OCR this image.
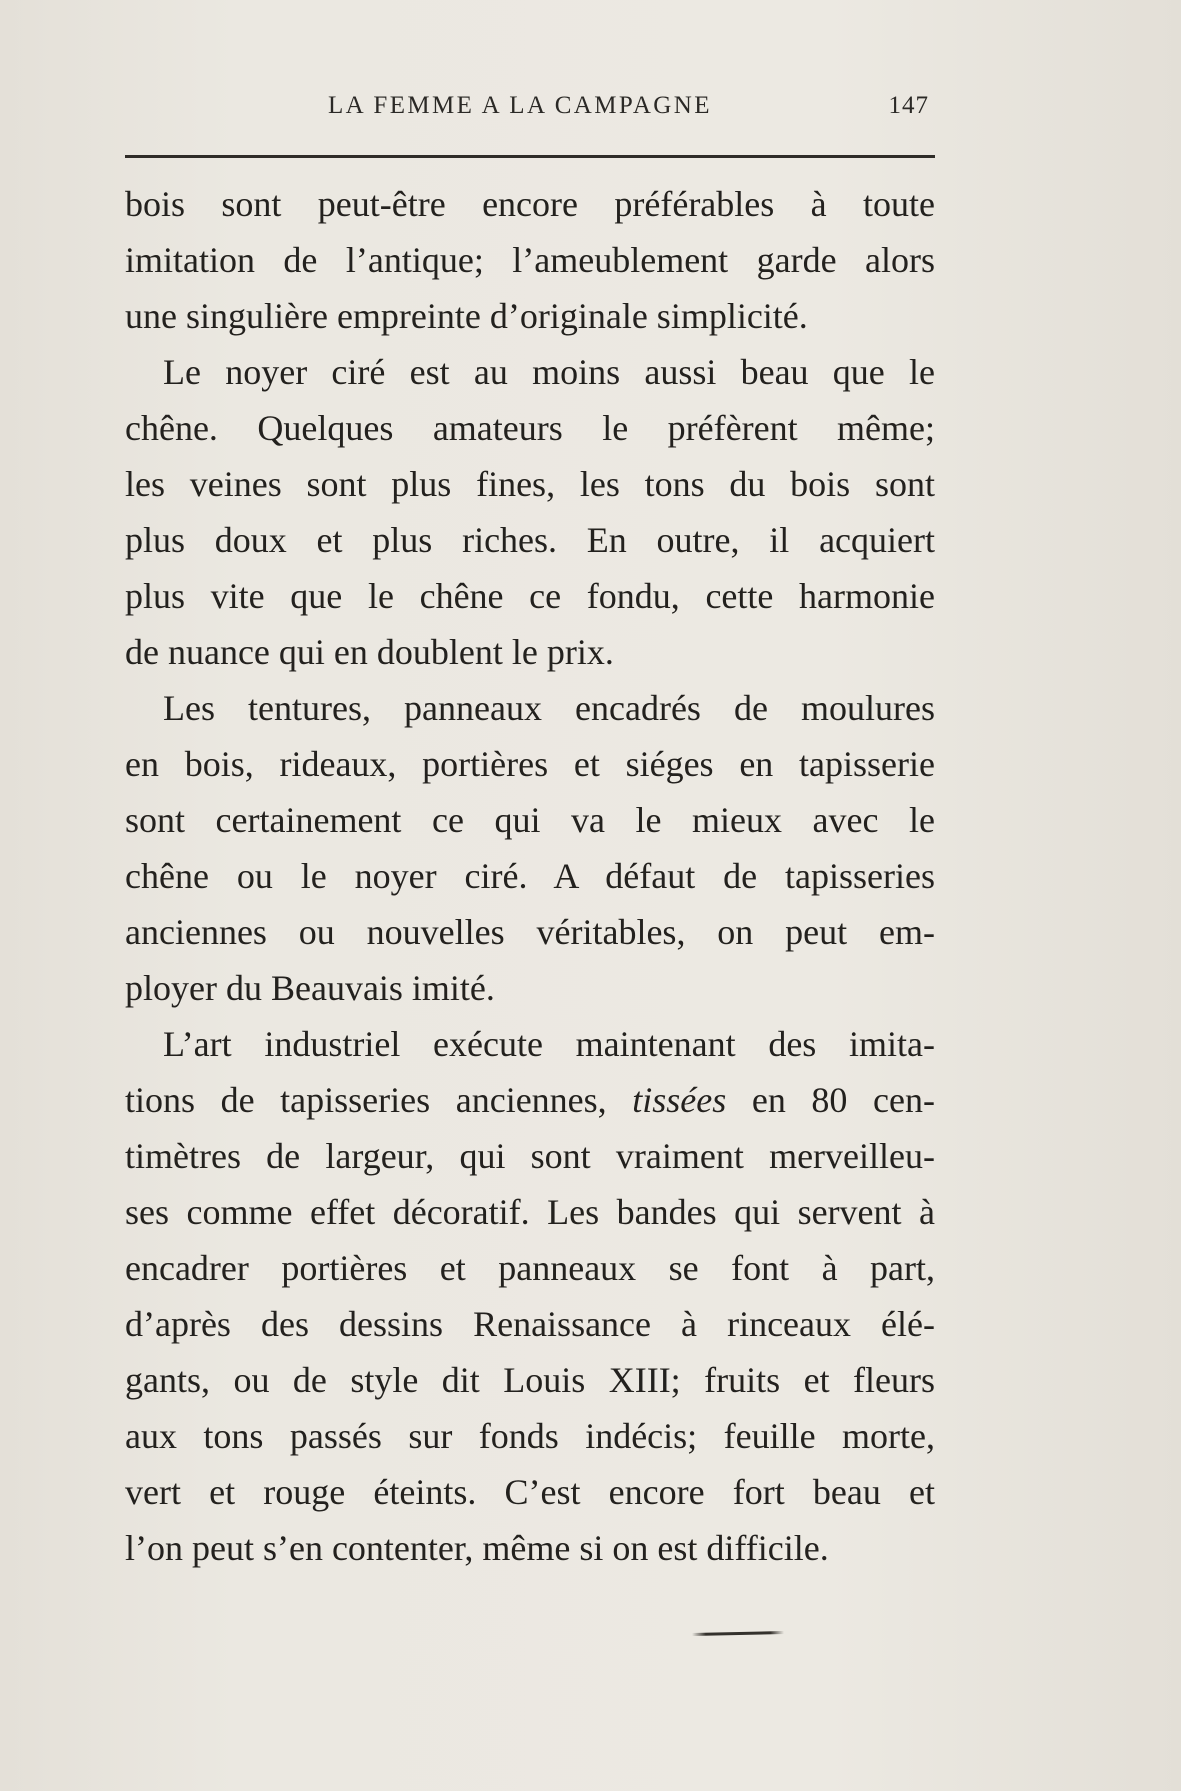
LA FEMME A LA CAMPAGNE	147
bois sont peut-être encore préférables à toute
imitation de l’antique; l’ameublement garde alors
une singulière empreinte d’originale simplicité.
Le noyer ciré est au moins aussi beau que le
chêne. Quelques amateurs le préfèrent même;
les veines sont plus fines, les tons du bois sont
plus doux et plus riches. En outre, il acquiert
plus vite que le chêne ce fondu, cette harmonie
de nuance qui en doublent le prix.
Les tentures, panneaux encadrés de moulures
en bois, rideaux, portières et siéges en tapisserie
sont certainement ce qui va le mieux avec le
chêne ou le noyer ciré. A défaut de tapisseries
anciennes ou nouvelles véritables, on peut em-
ployer du Beauvais imité.
L’art industriel exécute maintenant des imita-
tions de tapisseries anciennes, tissées en 80 cen-
timètres de largeur, qui sont vraiment merveilleu-
ses comme effet décoratif. Les bandes qui servent à
encadrer portières et panneaux se font à part,
d’après des dessins Renaissance à rinceaux élé-
gants, ou de style dit Louis XIII; fruits et fleurs
aux tons passés sur fonds indécis; feuille morte,
vert et rouge éteints. C’est encore fort beau et
l’on peut s’en contenter, même si on est difficile.
